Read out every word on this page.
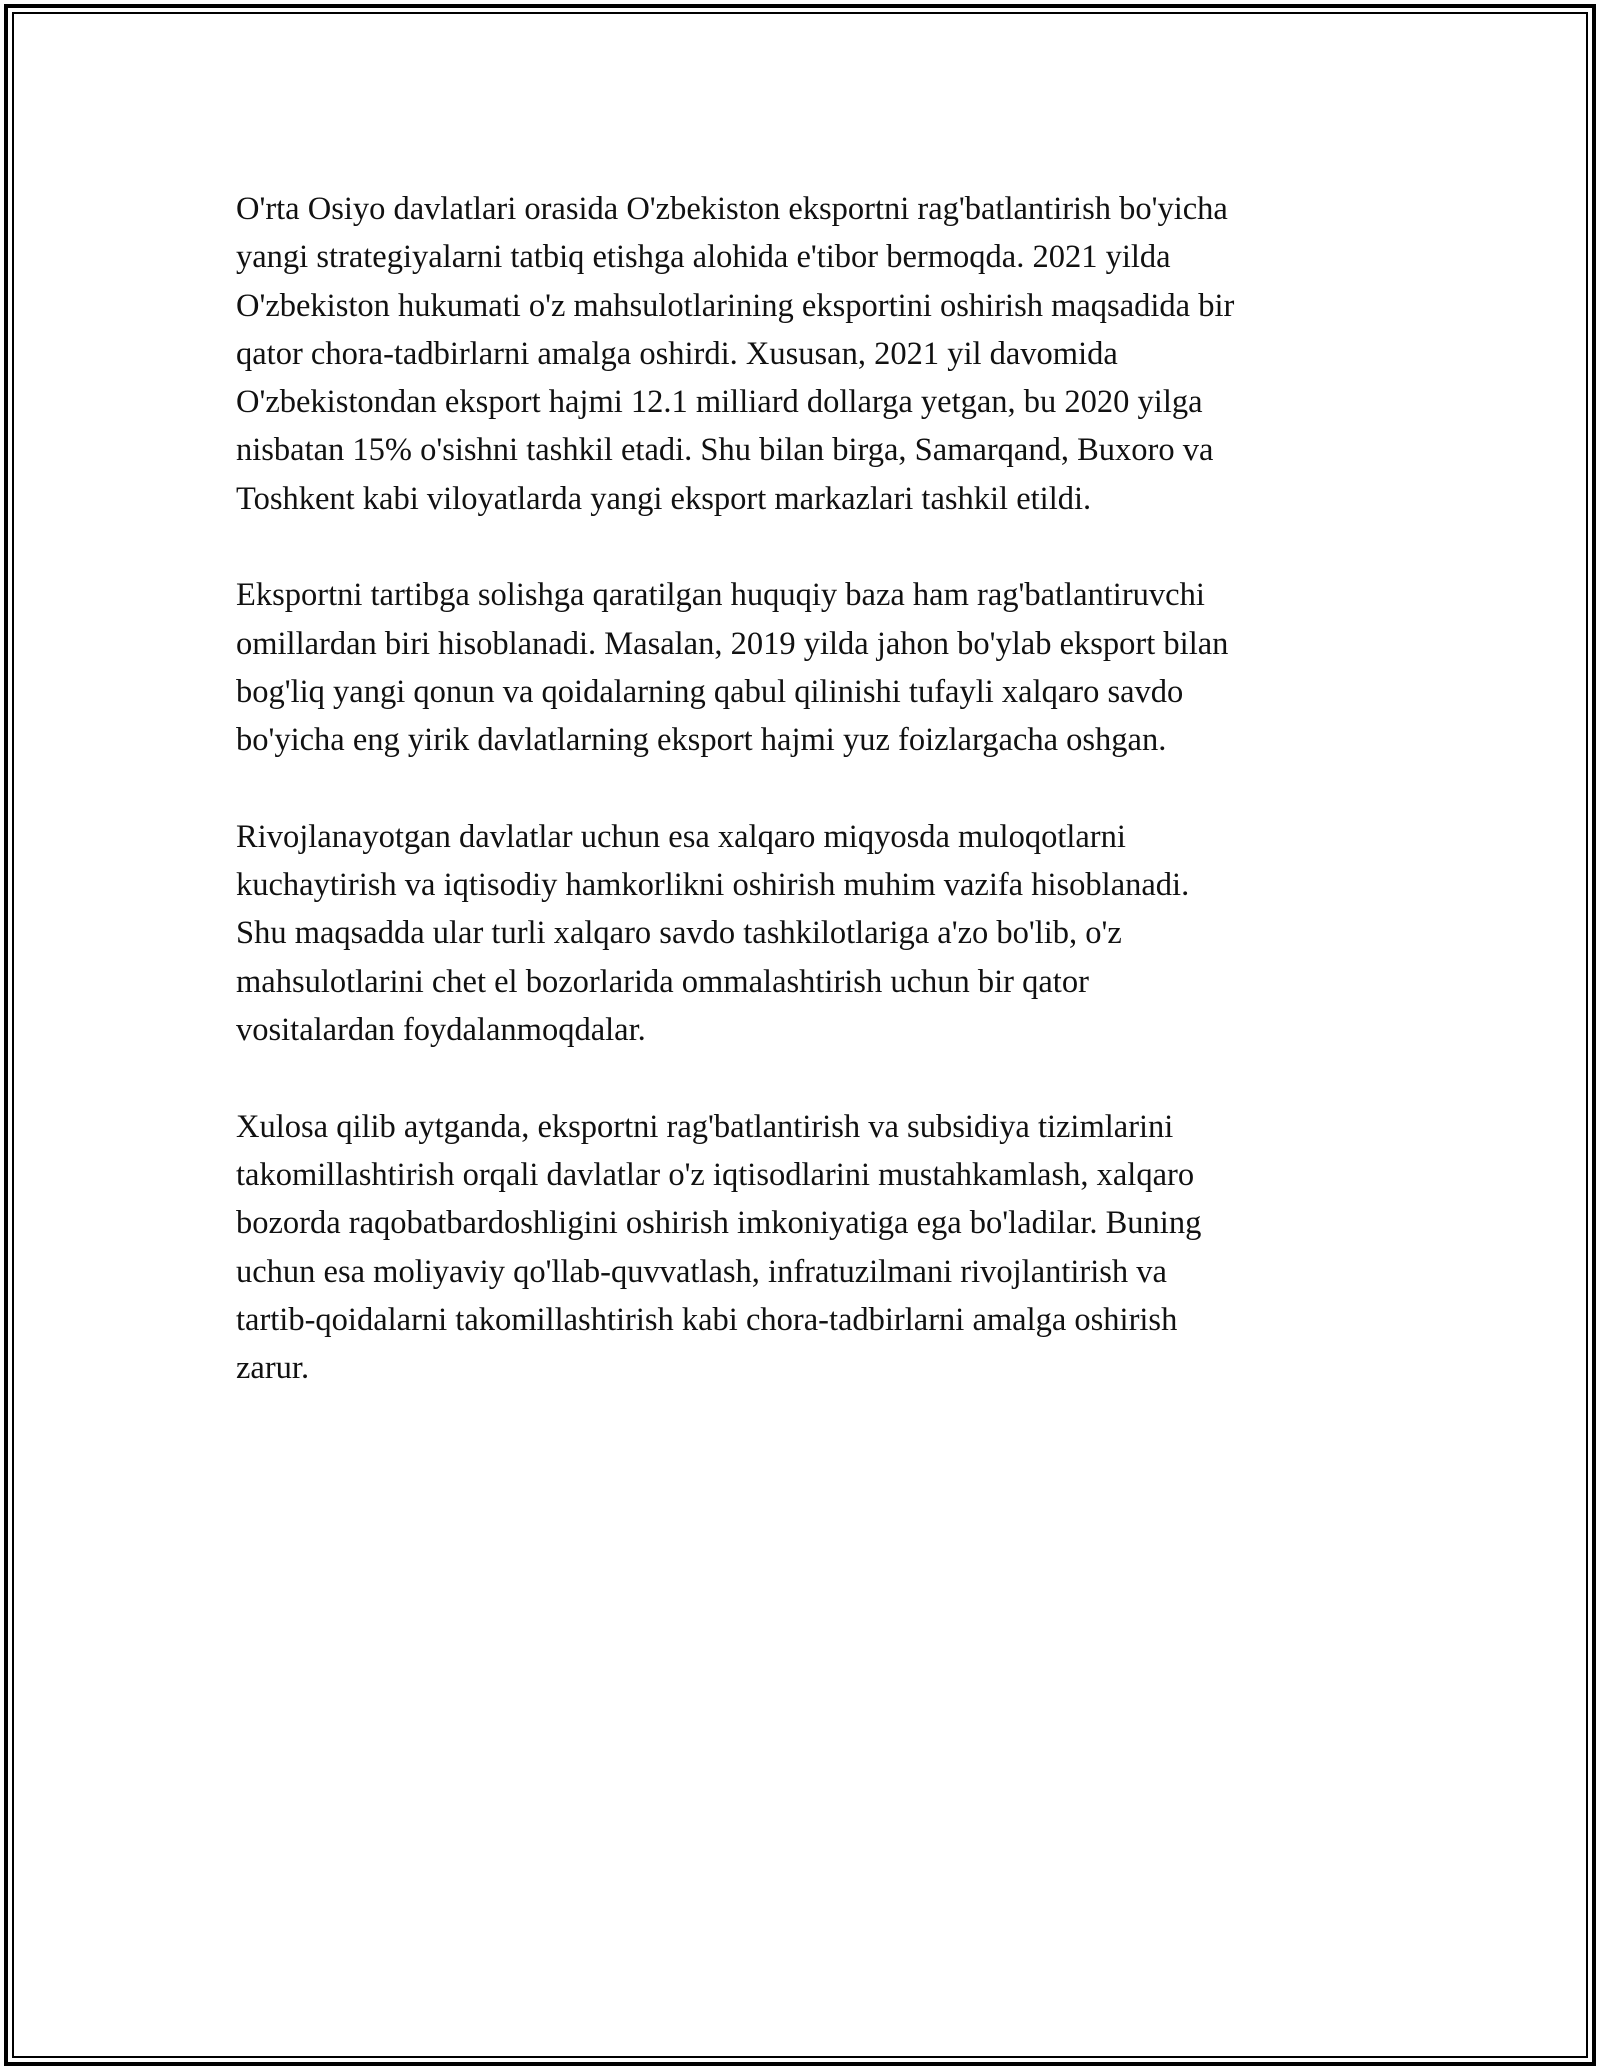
O'rta Osiyo davlatlari orasida O'zbekiston eksportni rag'batlantirish bo'yicha
yangi strategiyalarni tatbiq etishga alohida e'tibor bermoqda. 2021 yilda
O'zbekiston hukumati o'z mahsulotlarining eksportini oshirish maqsadida bir
qator chora-tadbirlarni amalga oshirdi. Xususan, 2021 yil davomida
O'zbekistondan eksport hajmi 12.1 milliard dollarga yetgan, bu 2020 yilga
nisbatan 15% o'sishni tashkil etadi. Shu bilan birga, Samarqand, Buxoro va
Toshkent kabi viloyatlarda yangi eksport markazlari tashkil etildi.

Eksportni tartibga solishga qaratilgan huquqiy baza ham rag'batlantiruvchi
omillardan biri hisoblanadi. Masalan, 2019 yilda jahon bo'ylab eksport bilan
bog'liq yangi qonun va qoidalarning qabul qilinishi tufayli xalqaro savdo
bo'yicha eng yirik davlatlarning eksport hajmi yuz foizlargacha oshgan.

Rivojlanayotgan davlatlar uchun esa xalqaro miqyosda muloqotlarni
kuchaytirish va iqtisodiy hamkorlikni oshirish muhim vazifa hisoblanadi.
Shu maqsadda ular turli xalqaro savdo tashkilotlariga a'zo bo'lib, o'z
mahsulotlarini chet el bozorlarida ommalashtirish uchun bir qator
vositalardan foydalanmoqdalar.

Xulosa qilib aytganda, eksportni rag'batlantirish va subsidiya tizimlarini
takomillashtirish orqali davlatlar o'z iqtisodlarini mustahkamlash, xalqaro
bozorda raqobatbardoshligini oshirish imkoniyatiga ega bo'ladilar. Buning
uchun esa moliyaviy qo'llab-quvvatlash, infratuzilmani rivojlantirish va
tartib-qoidalarni takomillashtirish kabi chora-tadbirlarni amalga oshirish
zarur.
